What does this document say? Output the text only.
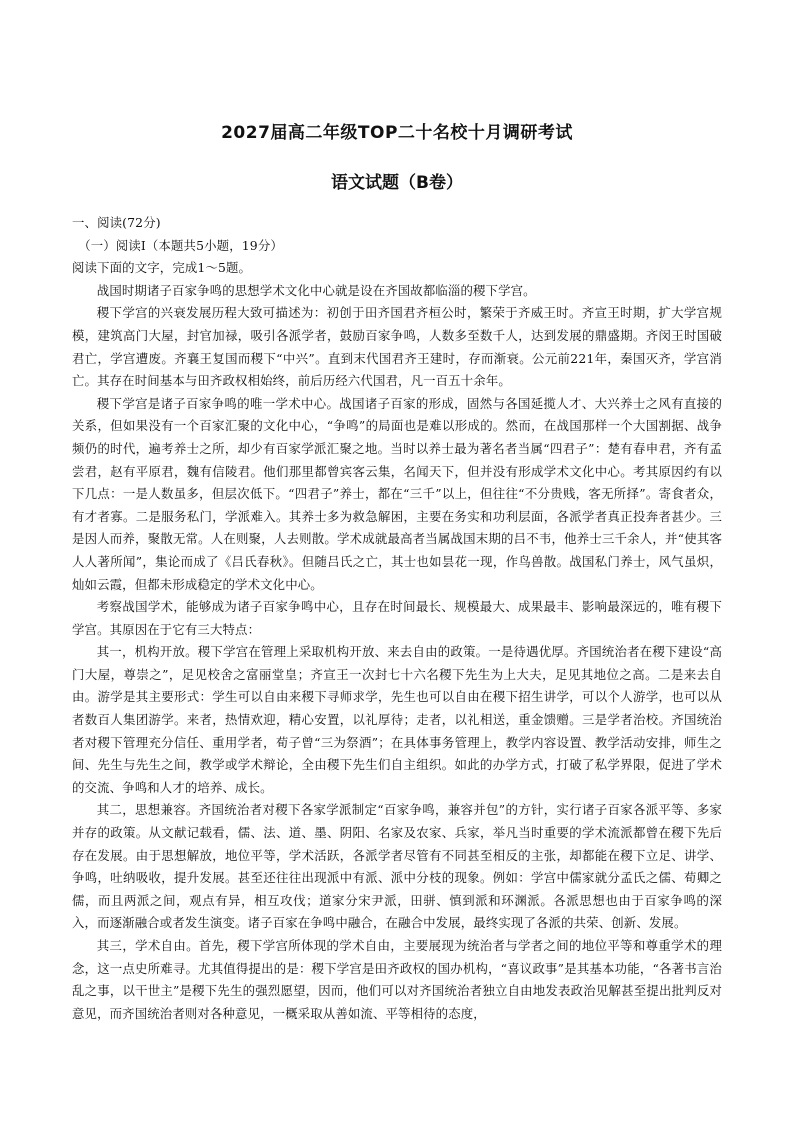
2027届高二年级TOP二十名校十月调研考试
语文试题（B卷）

一、阅读(72分)

（一）阅读Ⅰ（本题共5小题，19分）

阅读下面的文字，完成1～5题。

战国时期诸子百家争鸣的思想学术文化中心就是设在齐国故都临淄的稷下学宫。

稷下学宫的兴衰发展历程大致可描述为：初创于田齐国君齐桓公时，繁荣于齐威王时。齐宣王时期，扩大学宫规模，建筑高门大屋，封官加禄，吸引各派学者，鼓励百家争鸣，人数多至数千人，达到发展的鼎盛期。齐闵王时国破君亡，学宫遭废。齐襄王复国而稷下“中兴”。直到末代国君齐王建时，存而渐衰。公元前221年，秦国灭齐，学宫消亡。其存在时间基本与田齐政权相始终，前后历经六代国君，凡一百五十余年。

稷下学宫是诸子百家争鸣的唯一学术中心。战国诸子百家的形成，固然与各国延揽人才、大兴养士之风有直接的关系，但如果没有一个百家汇聚的文化中心，“争鸣”的局面也是难以形成的。然而，在战国那样一个大国割据、战争频仍的时代，遍考养士之所，却少有百家学派汇聚之地。当时以养士最为著名者当属“四君子”：楚有春申君，齐有孟尝君，赵有平原君，魏有信陵君。他们那里都曾宾客云集，名闻天下，但并没有形成学术文化中心。考其原因约有以下几点：一是人数虽多，但层次低下。“四君子”养士，都在“三千”以上，但往往“不分贵贱，客无所择”。寄食者众，有才者寡。二是服务私门，学派难入。其养士多为救急解困，主要在务实和功利层面，各派学者真正投奔者甚少。三是因人而养，聚散无常。人在则聚，人去则散。学术成就最高者当属战国末期的吕不韦，他养士三千余人，并“使其客人人著所闻”，集论而成了《吕氏春秋》。但随吕氏之亡，其士也如昙花一现，作鸟兽散。战国私门养士，风气虽炽，灿如云霞，但都未形成稳定的学术文化中心。

考察战国学术，能够成为诸子百家争鸣中心，且存在时间最长、规模最大、成果最丰、影响最深远的，唯有稷下学宫。其原因在于它有三大特点：

其一，机构开放。稷下学宫在管理上采取机构开放、来去自由的政策。一是待遇优厚。齐国统治者在稷下建设“高门大屋，尊崇之”，足见校舍之富丽堂皇；齐宣王一次封七十六名稷下先生为上大夫，足见其地位之高。二是来去自由。游学是其主要形式：学生可以自由来稷下寻师求学，先生也可以自由在稷下招生讲学，可以个人游学，也可以从者数百人集团游学。来者，热情欢迎，精心安置，以礼厚待；走者，以礼相送，重金馈赠。三是学者治校。齐国统治者对稷下管理充分信任、重用学者，荀子曾“三为祭酒”；在具体事务管理上，教学内容设置、教学活动安排，师生之间、先生与先生之间，教学或学术辩论，全由稷下先生们自主组织。如此的办学方式，打破了私学界限，促进了学术的交流、争鸣和人才的培养、成长。

其二，思想兼容。齐国统治者对稷下各家学派制定“百家争鸣，兼容并包”的方针，实行诸子百家各派平等、多家并存的政策。从文献记载看，儒、法、道、墨、阴阳、名家及农家、兵家，举凡当时重要的学术流派都曾在稷下先后存在发展。由于思想解放，地位平等，学术活跃，各派学者尽管有不同甚至相反的主张，却都能在稷下立足、讲学、争鸣，吐纳吸收，提升发展。甚至还往往出现派中有派、派中分枝的现象。例如：学宫中儒家就分孟氏之儒、荀卿之儒，而且两派之间，观点有异，相互攻伐；道家分宋尹派，田骈、慎到派和环渊派。各派思想也由于百家争鸣的深入，而逐渐融合或者发生演变。诸子百家在争鸣中融合，在融合中发展，最终实现了各派的共荣、创新、发展。

其三，学术自由。首先，稷下学宫所体现的学术自由，主要展现为统治者与学者之间的地位平等和尊重学术的理念，这一点史所难寻。尤其值得提出的是：稷下学宫是田齐政权的国办机构，“喜议政事”是其基本功能，“各著书言治乱之事，以干世主”是稷下先生的强烈愿望，因而，他们可以对齐国统治者独立自由地发表政治见解甚至提出批判反对意见，而齐国统治者则对各种意见，一概采取从善如流、平等相待的态度，
